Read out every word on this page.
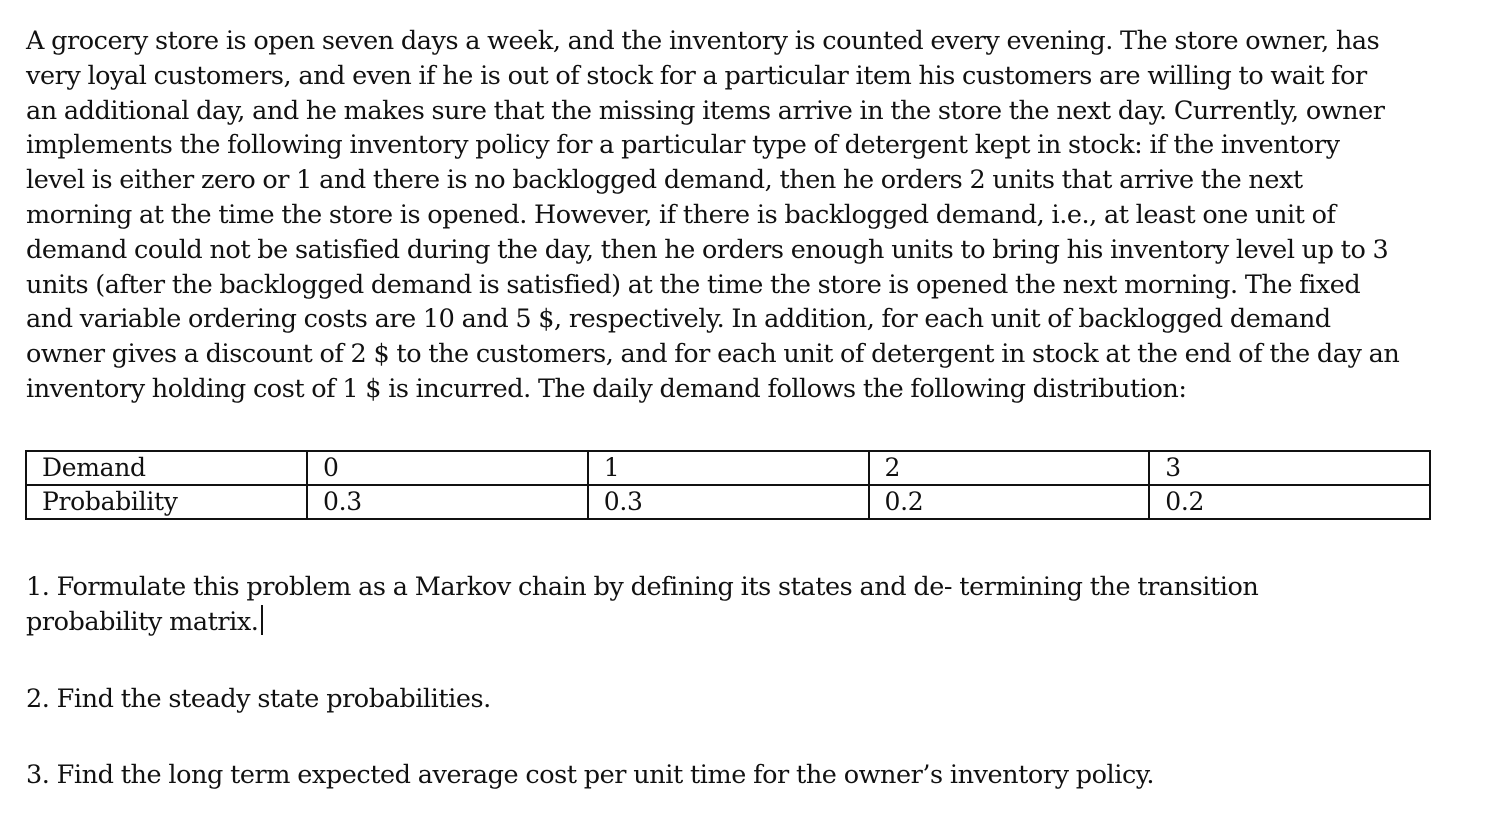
A grocery store is open seven days a week, and the inventory is counted every evening. The store owner, has
very loyal customers, and even if he is out of stock for a particular item his customers are willing to wait for
an additional day, and he makes sure that the missing items arrive in the store the next day. Currently, owner
implements the following inventory policy for a particular type of detergent kept in stock: if the inventory
level is either zero or 1 and there is no backlogged demand, then he orders 2 units that arrive the next
morning at the time the store is opened. However, if there is backlogged demand, i.e., at least one unit of
demand could not be satisfied during the day, then he orders enough units to bring his inventory level up to 3
units (after the backlogged demand is satisfied) at the time the store is opened the next morning. The fixed
and variable ordering costs are 10 and 5 $, respectively. In addition, for each unit of backlogged demand
owner gives a discount of 2 $ to the customers, and for each unit of detergent in stock at the end of the day an
inventory holding cost of 1 $ is incurred. The daily demand follows the following distribution:

Demand	0	1	2	3
Probability	0.3	0.3	0.2	0.2

1. Formulate this problem as a Markov chain by defining its states and de- termining the transition
probability matrix.

2. Find the steady state probabilities.

3. Find the long term expected average cost per unit time for the owner’s inventory policy.
